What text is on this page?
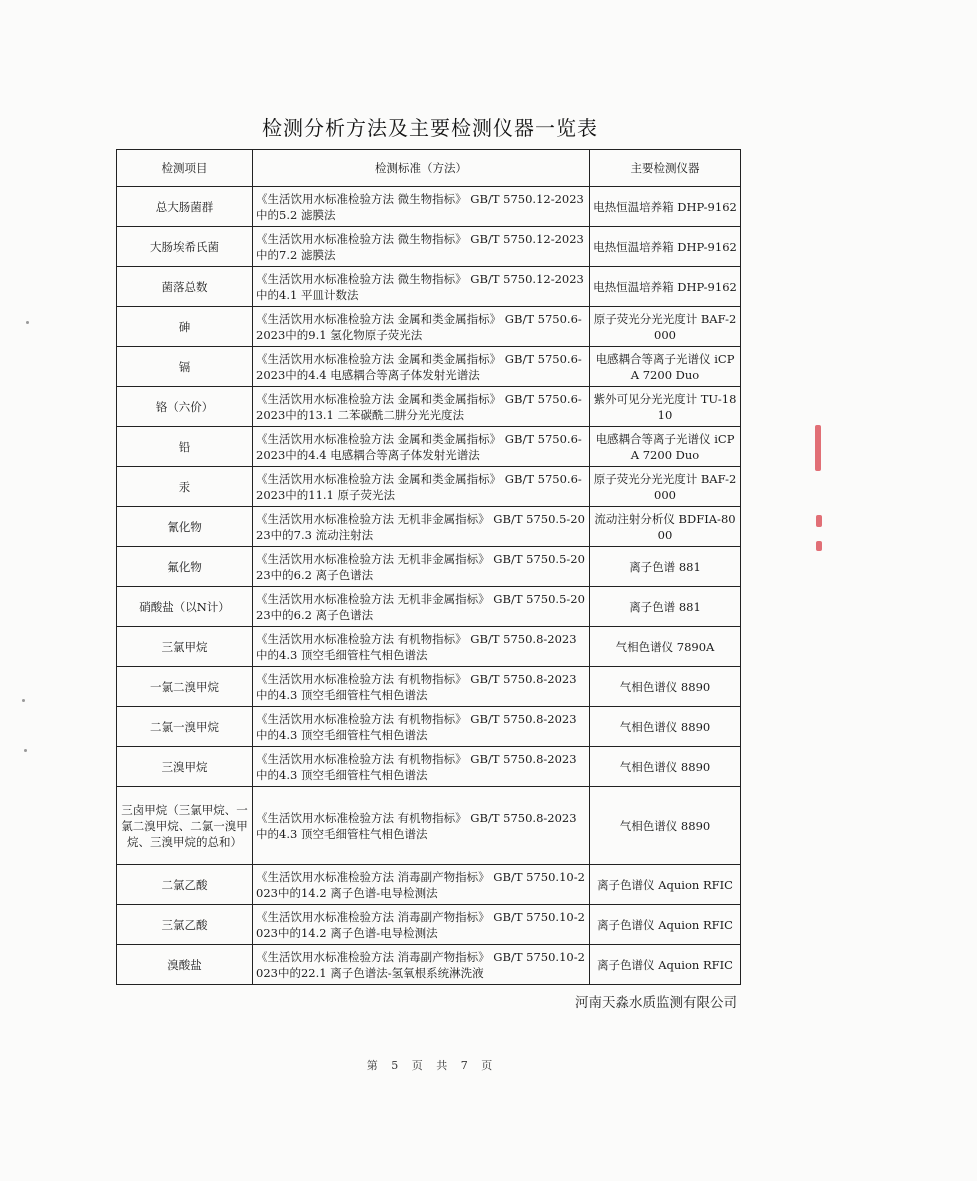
检测分析方法及主要检测仪器一览表
检测项目	检测标准（方法）	主要检测仪器
总大肠菌群	《生活饮用水标准检验方法 微生物指标》 GB/T 5750.12-2023中的5.2 滤膜法	电热恒温培养箱 DHP-9162
大肠埃希氏菌	《生活饮用水标准检验方法 微生物指标》 GB/T 5750.12-2023中的7.2 滤膜法	电热恒温培养箱 DHP-9162
菌落总数	《生活饮用水标准检验方法 微生物指标》 GB/T 5750.12-2023中的4.1 平皿计数法	电热恒温培养箱 DHP-9162
砷	《生活饮用水标准检验方法 金属和类金属指标》 GB/T 5750.6-2023中的9.1 氢化物原子荧光法	原子荧光分光光度计 BAF-2000
镉	《生活饮用水标准检验方法 金属和类金属指标》 GB/T 5750.6-2023中的4.4 电感耦合等离子体发射光谱法	电感耦合等离子光谱仪 iCPA 7200 Duo
铬（六价）	《生活饮用水标准检验方法 金属和类金属指标》 GB/T 5750.6-2023中的13.1 二苯碳酰二肼分光光度法	紫外可见分光光度计 TU-1810
铅	《生活饮用水标准检验方法 金属和类金属指标》 GB/T 5750.6-2023中的4.4 电感耦合等离子体发射光谱法	电感耦合等离子光谱仪 iCPA 7200 Duo
汞	《生活饮用水标准检验方法 金属和类金属指标》 GB/T 5750.6-2023中的11.1 原子荧光法	原子荧光分光光度计 BAF-2000
氰化物	《生活饮用水标准检验方法 无机非金属指标》 GB/T 5750.5-2023中的7.3 流动注射法	流动注射分析仪 BDFIA-8000
氟化物	《生活饮用水标准检验方法 无机非金属指标》 GB/T 5750.5-2023中的6.2 离子色谱法	离子色谱 881
硝酸盐（以N计）	《生活饮用水标准检验方法 无机非金属指标》 GB/T 5750.5-2023中的6.2 离子色谱法	离子色谱 881
三氯甲烷	《生活饮用水标准检验方法 有机物指标》 GB/T 5750.8-2023中的4.3 顶空毛细管柱气相色谱法	气相色谱仪 7890A
一氯二溴甲烷	《生活饮用水标准检验方法 有机物指标》 GB/T 5750.8-2023中的4.3 顶空毛细管柱气相色谱法	气相色谱仪 8890
二氯一溴甲烷	《生活饮用水标准检验方法 有机物指标》 GB/T 5750.8-2023中的4.3 顶空毛细管柱气相色谱法	气相色谱仪 8890
三溴甲烷	《生活饮用水标准检验方法 有机物指标》 GB/T 5750.8-2023中的4.3 顶空毛细管柱气相色谱法	气相色谱仪 8890
三卤甲烷（三氯甲烷、一氯二溴甲烷、二氯一溴甲烷、三溴甲烷的总和）	《生活饮用水标准检验方法 有机物指标》 GB/T 5750.8-2023中的4.3 顶空毛细管柱气相色谱法	气相色谱仪 8890
二氯乙酸	《生活饮用水标准检验方法 消毒副产物指标》 GB/T 5750.10-2023中的14.2 离子色谱-电导检测法	离子色谱仪 Aquion RFIC
三氯乙酸	《生活饮用水标准检验方法 消毒副产物指标》 GB/T 5750.10-2023中的14.2 离子色谱-电导检测法	离子色谱仪 Aquion RFIC
溴酸盐	《生活饮用水标准检验方法 消毒副产物指标》 GB/T 5750.10-2023中的22.1 离子色谱法-氢氧根系统淋洗液	离子色谱仪 Aquion RFIC
河南天淼水质监测有限公司
第 5 页 共 7 页
